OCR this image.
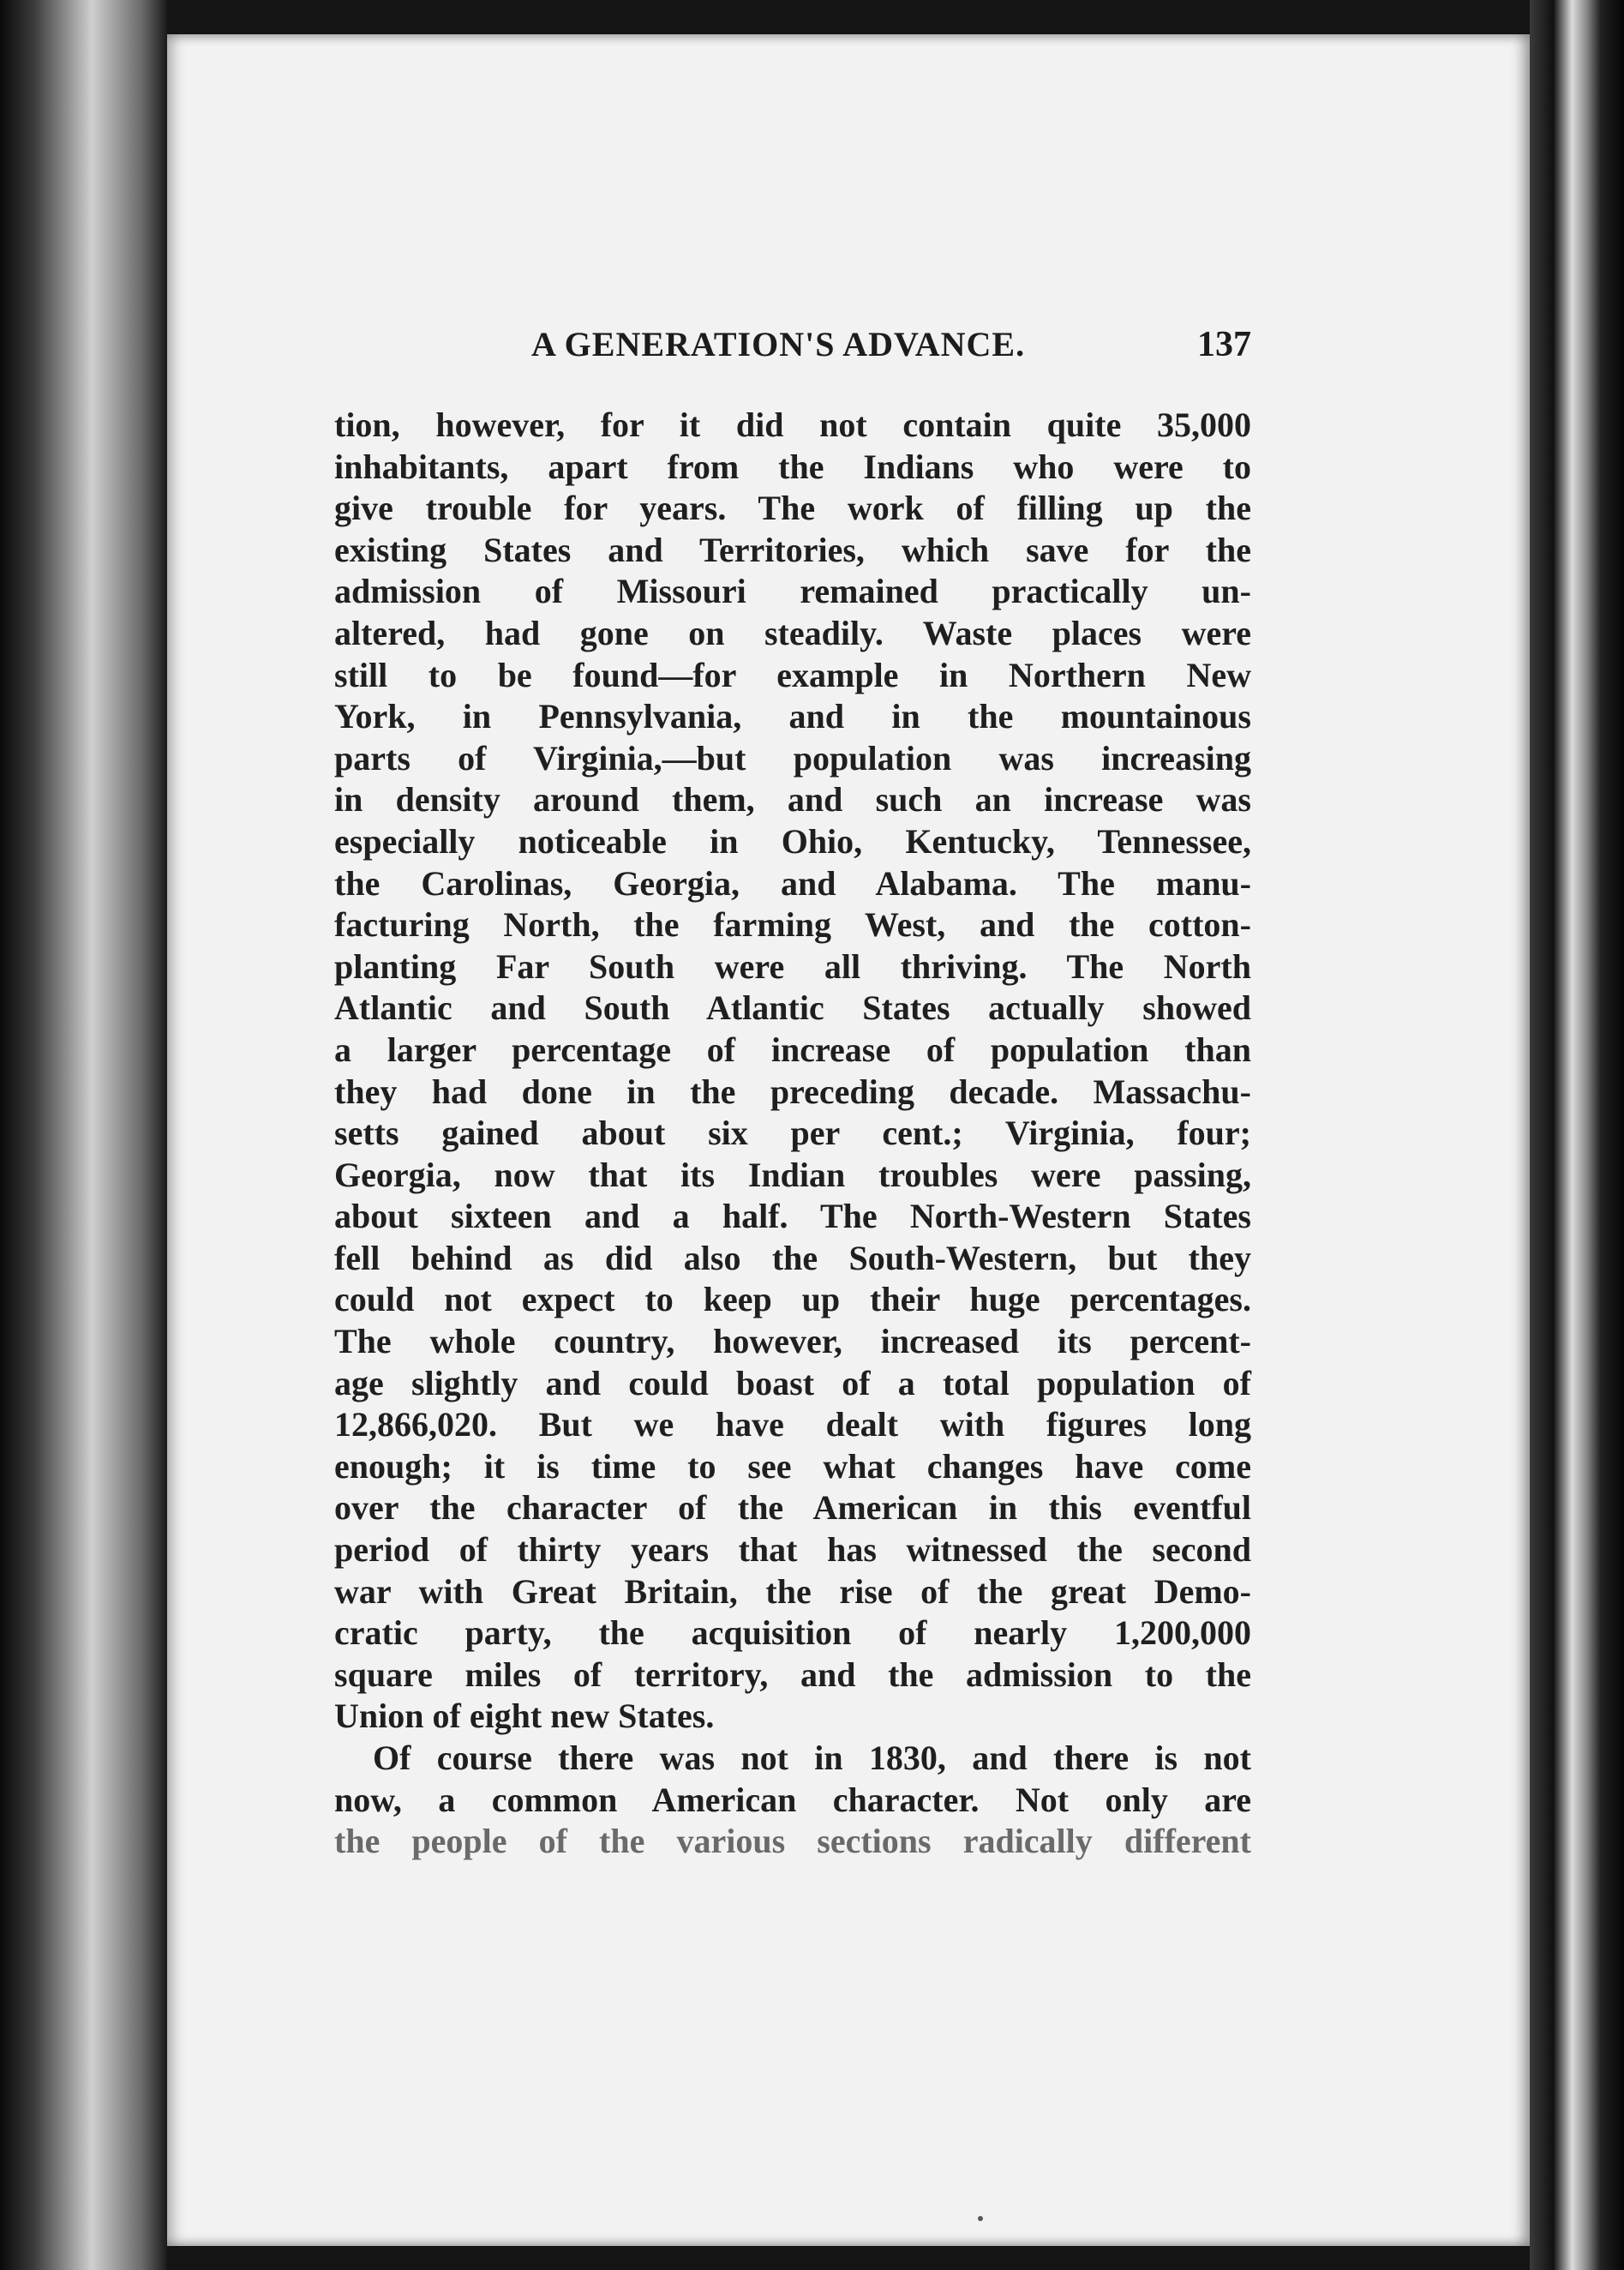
A GENERATION'S ADVANCE.	137
tion, however, for it did not contain quite 35,000
inhabitants, apart from the Indians who were to
give trouble for years. The work of filling up the
existing States and Territories, which save for the
admission of Missouri remained practically un-
altered, had gone on steadily. Waste places were
still to be found—for example in Northern New
York, in Pennsylvania, and in the mountainous
parts of Virginia,—but population was increasing
in density around them, and such an increase was
especially noticeable in Ohio, Kentucky, Tennessee,
the Carolinas, Georgia, and Alabama. The manu-
facturing North, the farming West, and the cotton-
planting Far South were all thriving. The North
Atlantic and South Atlantic States actually showed
a larger percentage of increase of population than
they had done in the preceding decade. Massachu-
setts gained about six per cent.; Virginia, four;
Georgia, now that its Indian troubles were passing,
about sixteen and a half. The North-Western States
fell behind as did also the South-Western, but they
could not expect to keep up their huge percentages.
The whole country, however, increased its percent-
age slightly and could boast of a total population of
12,866,020. But we have dealt with figures long
enough; it is time to see what changes have come
over the character of the American in this eventful
period of thirty years that has witnessed the second
war with Great Britain, the rise of the great Demo-
cratic party, the acquisition of nearly 1,200,000
square miles of territory, and the admission to the
Union of eight new States.
Of course there was not in 1830, and there is not
now, a common American character. Not only are
the people of the various sections radically different
